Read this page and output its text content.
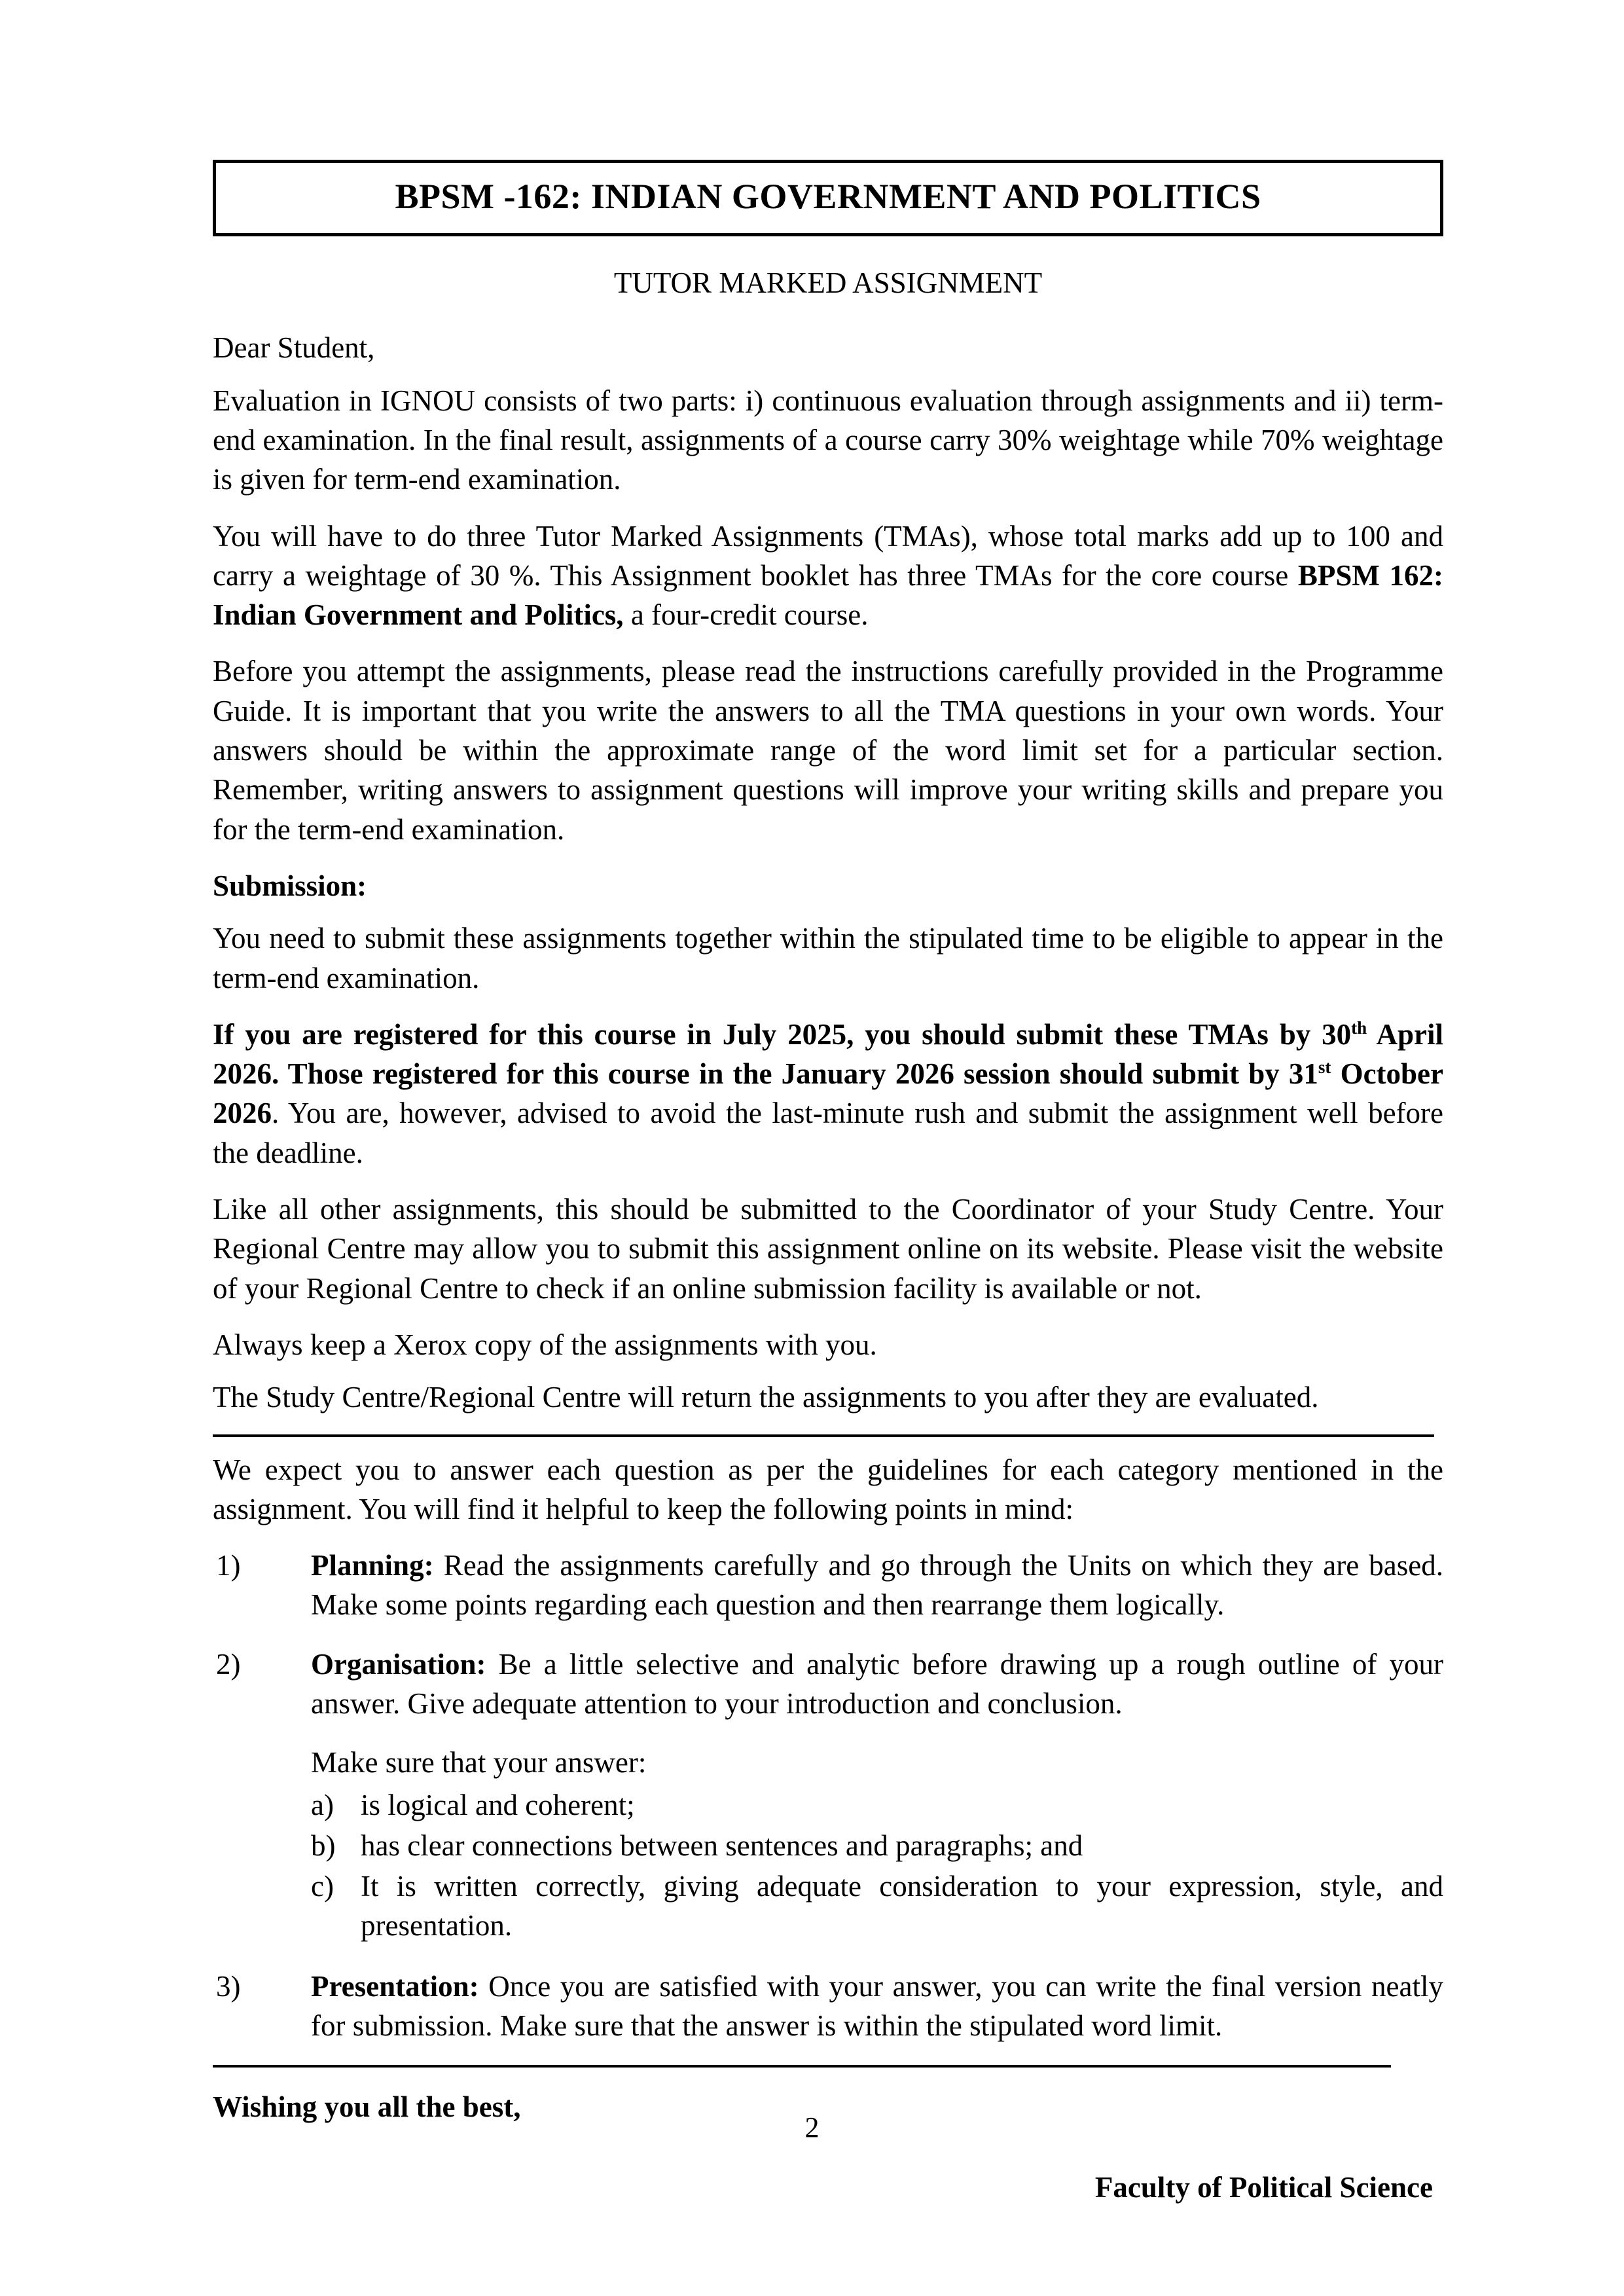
BPSM -162: INDIAN GOVERNMENT AND POLITICS
TUTOR MARKED ASSIGNMENT

Dear Student,

Evaluation in IGNOU consists of two parts: i) continuous evaluation through assignments and ii) term-end examination. In the final result, assignments of a course carry 30% weightage while 70% weightage is given for term-end examination.

You will have to do three Tutor Marked Assignments (TMAs), whose total marks add up to 100 and carry a weightage of 30 %. This Assignment booklet has three TMAs for the core course BPSM 162: Indian Government and Politics, a four-credit course.

Before you attempt the assignments, please read the instructions carefully provided in the Programme Guide. It is important that you write the answers to all the TMA questions in your own words. Your answers should be within the approximate range of the word limit set for a particular section. Remember, writing answers to assignment questions will improve your writing skills and prepare you for the term-end examination.

Submission:

You need to submit these assignments together within the stipulated time to be eligible to appear in the term-end examination.

If you are registered for this course in July 2025, you should submit these TMAs by 30th April 2026. Those registered for this course in the January 2026 session should submit by 31st October 2026. You are, however, advised to avoid the last-minute rush and submit the assignment well before the deadline.

Like all other assignments, this should be submitted to the Coordinator of your Study Centre. Your Regional Centre may allow you to submit this assignment online on its website. Please visit the website of your Regional Centre to check if an online submission facility is available or not.

Always keep a Xerox copy of the assignments with you.

The Study Centre/Regional Centre will return the assignments to you after they are evaluated.

We expect you to answer each question as per the guidelines for each category mentioned in the assignment. You will find it helpful to keep the following points in mind:

1)	Planning: Read the assignments carefully and go through the Units on which they are based. Make some points regarding each question and then rearrange them logically.
2)	Organisation: Be a little selective and analytic before drawing up a rough outline of your answer. Give adequate attention to your introduction and conclusion.
Make sure that your answer:
a) is logical and coherent;
b) has clear connections between sentences and paragraphs; and
c) It is written correctly, giving adequate consideration to your expression, style, and presentation.
3)	Presentation: Once you are satisfied with your answer, you can write the final version neatly for submission. Make sure that the answer is within the stipulated word limit.

Wishing you all the best,

Faculty of Political Science

2
